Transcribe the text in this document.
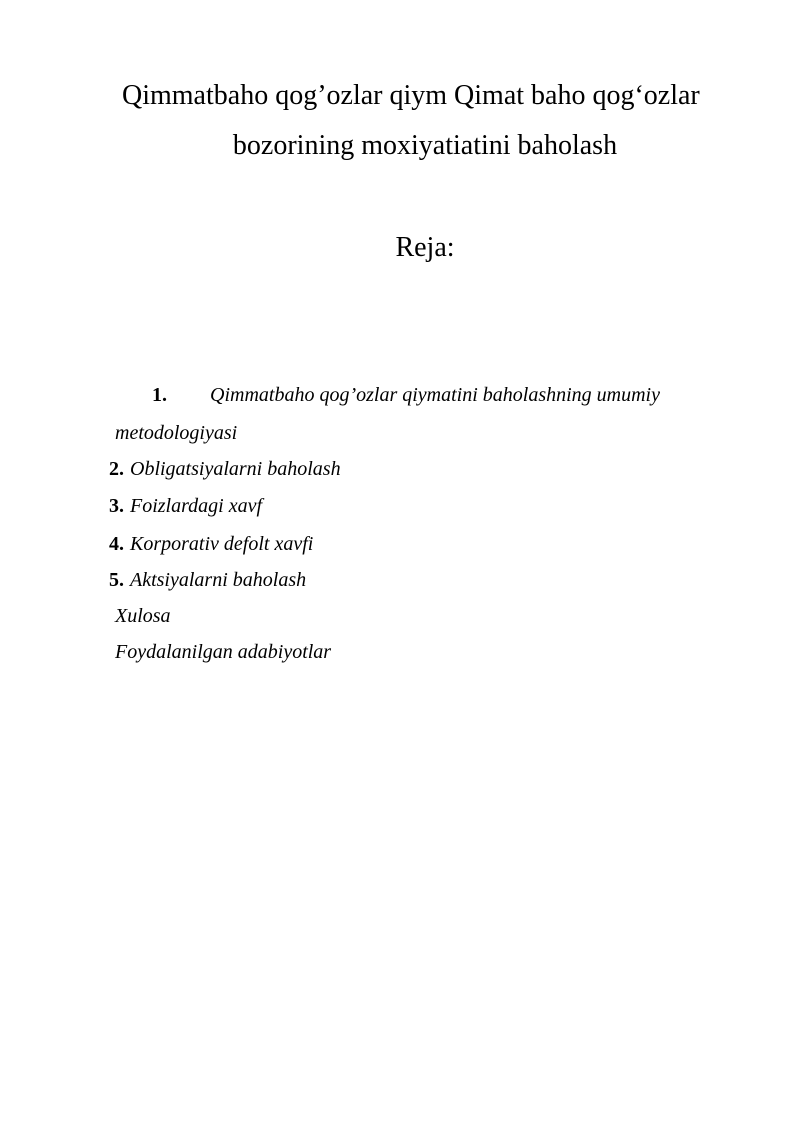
Qimmatbaho qog’ozlar qiym Qimat baho qog‘ozlar
bozorining moxiyatiatini baholash
Reja:
1. Qimmatbaho qog’ozlar qiymatini baholashning umumiy
metodologiyasi
2. Obligatsiyalarni baholash
3. Foizlardagi xavf
4. Korporativ defolt xavfi
5. Aktsiyalarni baholash
Xulosa
Foydalanilgan adabiyotlar
